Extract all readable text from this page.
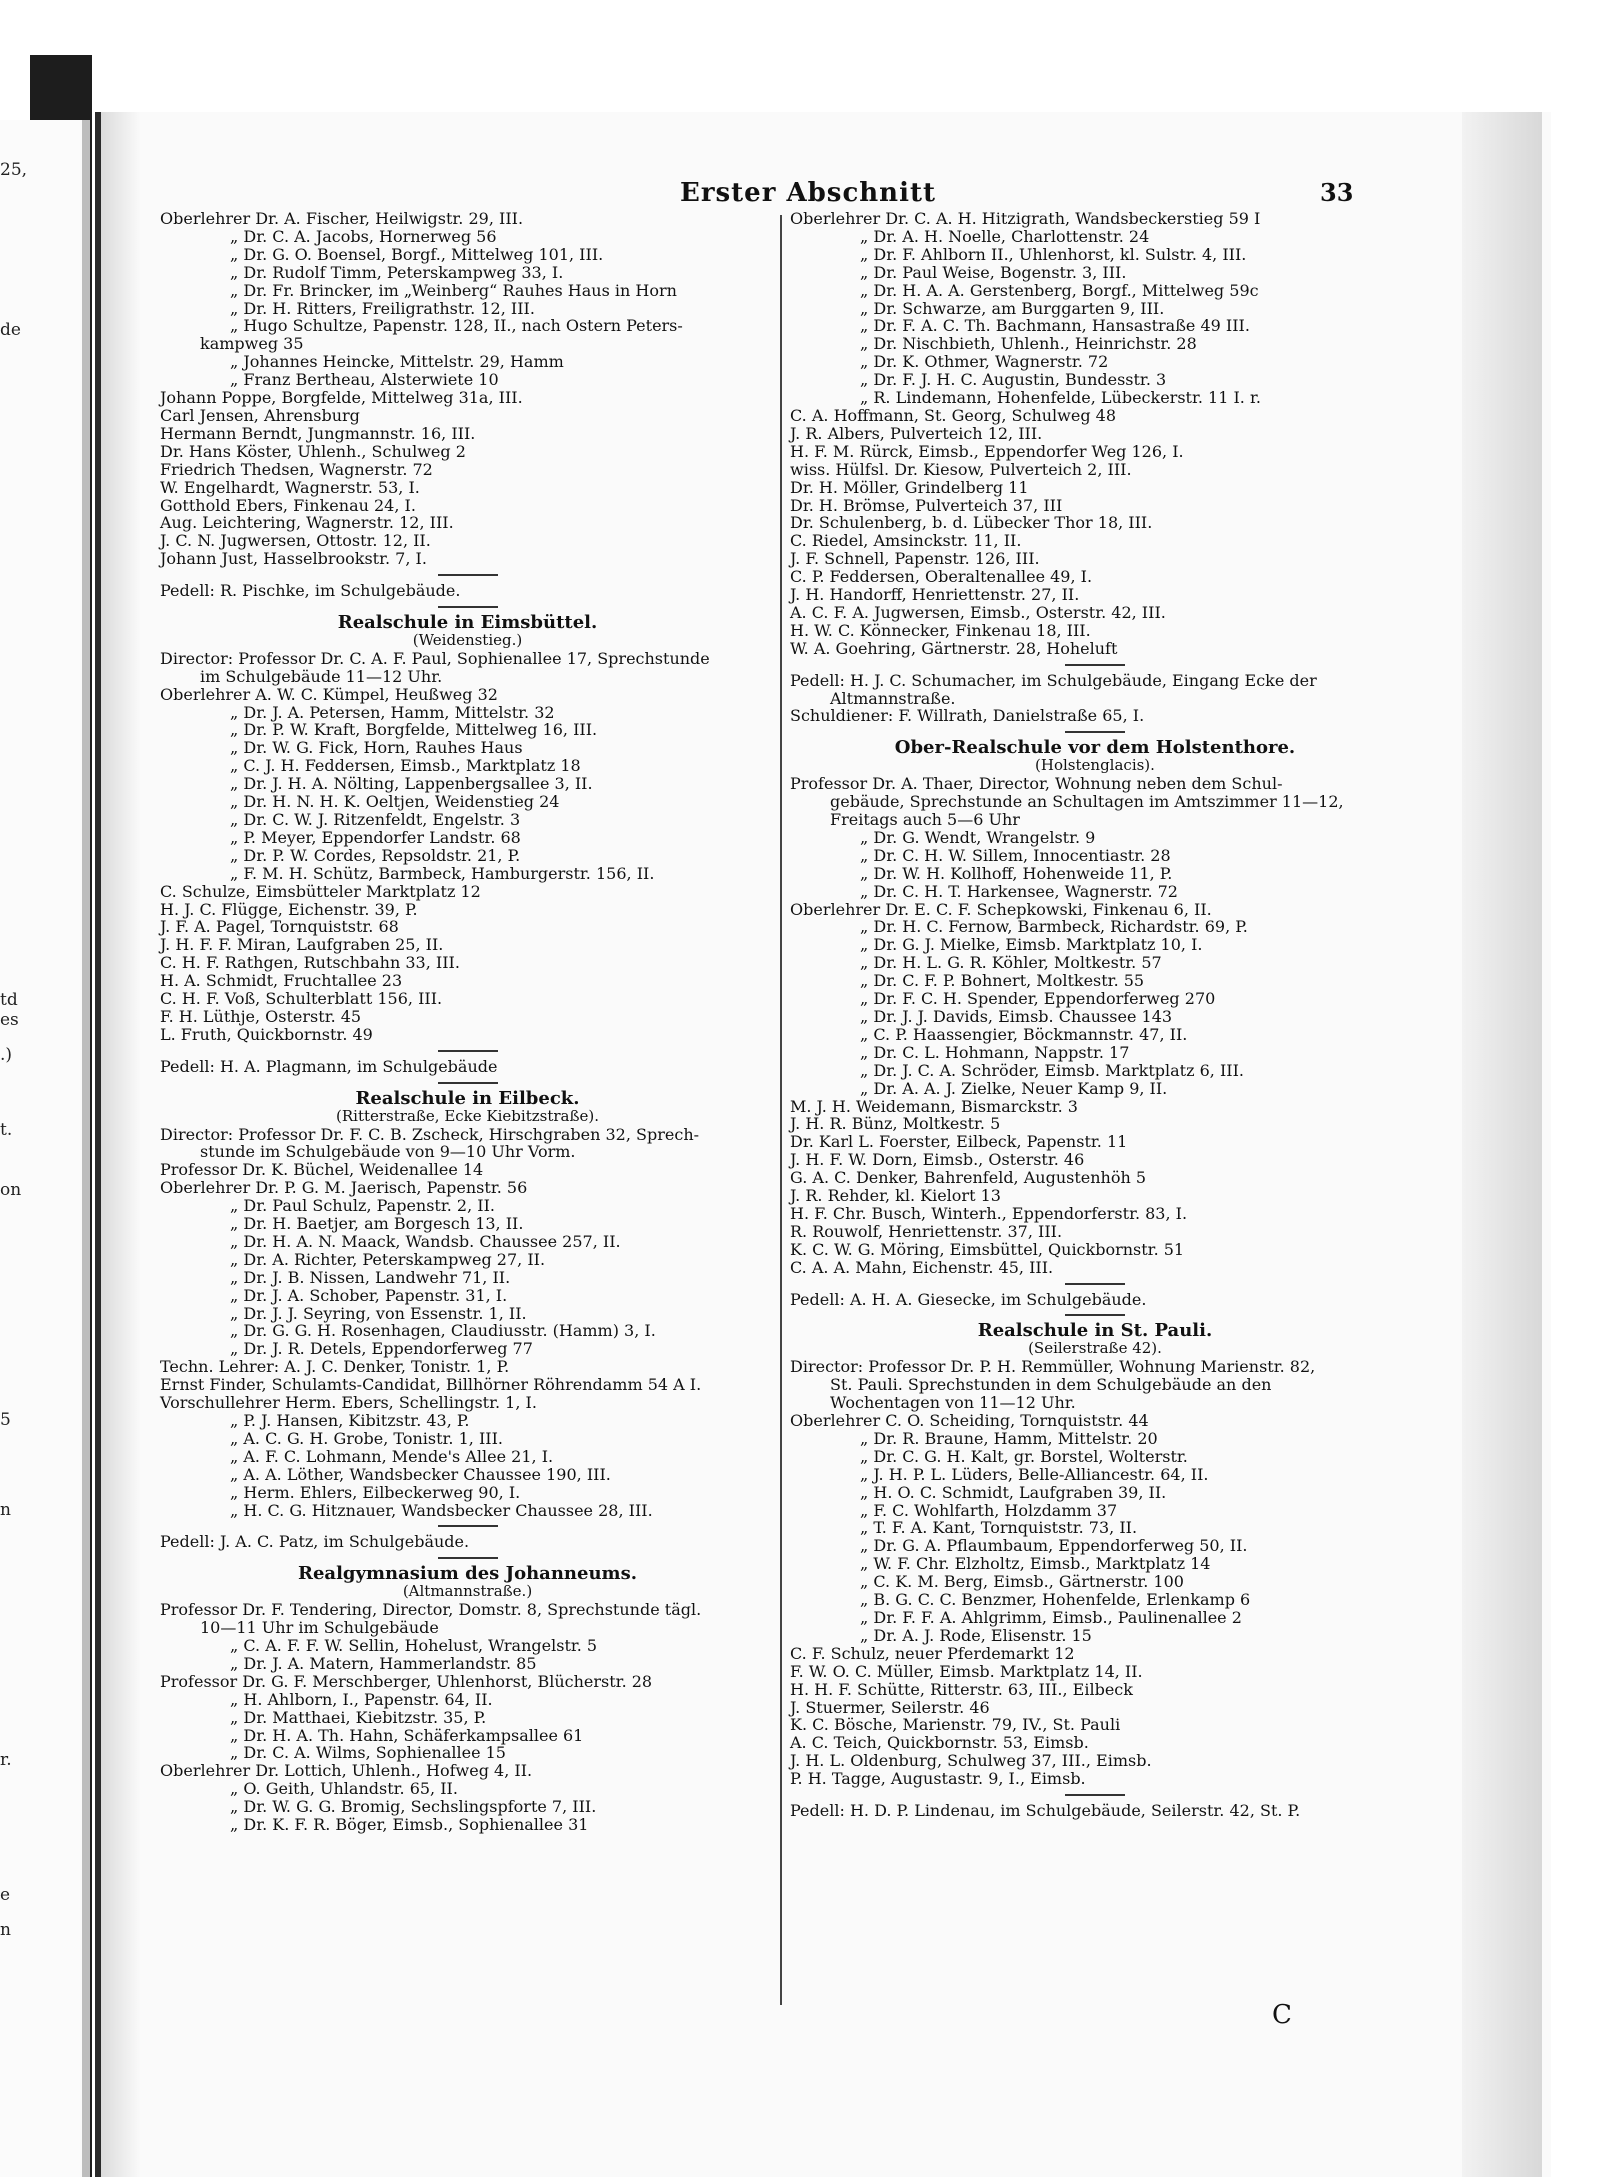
25,
de
td
es
.)
t.
on
5
n
r.
e
n
Erster Abschnitt	33
Oberlehrer Dr. A. Fischer, Heilwigstr. 29, III.
„ Dr. C. A. Jacobs, Hornerweg 56
„ Dr. G. O. Boensel, Borgf., Mittelweg 101, III.
„ Dr. Rudolf Timm, Peterskampweg 33, I.
„ Dr. Fr. Brincker, im „Weinberg“ Rauhes Haus in Horn
„ Dr. H. Ritters, Freiligrathstr. 12, III.
„ Hugo Schultze, Papenstr. 128, II., nach Ostern Peters-
kampweg 35
„ Johannes Heincke, Mittelstr. 29, Hamm
„ Franz Bertheau, Alsterwiete 10
Johann Poppe, Borgfelde, Mittelweg 31a, III.
Carl Jensen, Ahrensburg
Hermann Berndt, Jungmannstr. 16, III.
Dr. Hans Köster, Uhlenh., Schulweg 2
Friedrich Thedsen, Wagnerstr. 72
W. Engelhardt, Wagnerstr. 53, I.
Gotthold Ebers, Finkenau 24, I.
Aug. Leichtering, Wagnerstr. 12, III.
J. C. N. Jugwersen, Ottostr. 12, II.
Johann Just, Hasselbrookstr. 7, I.
Pedell: R. Pischke, im Schulgebäude.
Realschule in Eimsbüttel.
(Weidenstieg.)
Director: Professor Dr. C. A. F. Paul, Sophienallee 17, Sprechstunde
im Schulgebäude 11—12 Uhr.
Oberlehrer A. W. C. Kümpel, Heußweg 32
„ Dr. J. A. Petersen, Hamm, Mittelstr. 32
„ Dr. P. W. Kraft, Borgfelde, Mittelweg 16, III.
„ Dr. W. G. Fick, Horn, Rauhes Haus
„ C. J. H. Feddersen, Eimsb., Marktplatz 18
„ Dr. J. H. A. Nölting, Lappenbergsallee 3, II.
„ Dr. H. N. H. K. Oeltjen, Weidenstieg 24
„ Dr. C. W. J. Ritzenfeldt, Engelstr. 3
„ P. Meyer, Eppendorfer Landstr. 68
„ Dr. P. W. Cordes, Repsoldstr. 21, P.
„ F. M. H. Schütz, Barmbeck, Hamburgerstr. 156, II.
C. Schulze, Eimsbütteler Marktplatz 12
H. J. C. Flügge, Eichenstr. 39, P.
J. F. A. Pagel, Tornquiststr. 68
J. H. F. F. Miran, Laufgraben 25, II.
C. H. F. Rathgen, Rutschbahn 33, III.
H. A. Schmidt, Fruchtallee 23
C. H. F. Voß, Schulterblatt 156, III.
F. H. Lüthje, Osterstr. 45
L. Fruth, Quickbornstr. 49
Pedell: H. A. Plagmann, im Schulgebäude
Realschule in Eilbeck.
(Ritterstraße, Ecke Kiebitzstraße).
Director: Professor Dr. F. C. B. Zscheck, Hirschgraben 32, Sprech-
stunde im Schulgebäude von 9—10 Uhr Vorm.
Professor Dr. K. Büchel, Weidenallee 14
Oberlehrer Dr. P. G. M. Jaerisch, Papenstr. 56
„ Dr. Paul Schulz, Papenstr. 2, II.
„ Dr. H. Baetjer, am Borgesch 13, II.
„ Dr. H. A. N. Maack, Wandsb. Chaussee 257, II.
„ Dr. A. Richter, Peterskampweg 27, II.
„ Dr. J. B. Nissen, Landwehr 71, II.
„ Dr. J. A. Schober, Papenstr. 31, I.
„ Dr. J. J. Seyring, von Essenstr. 1, II.
„ Dr. G. G. H. Rosenhagen, Claudiusstr. (Hamm) 3, I.
„ Dr. J. R. Detels, Eppendorferweg 77
Techn. Lehrer: A. J. C. Denker, Tonistr. 1, P.
Ernst Finder, Schulamts-Candidat, Billhörner Röhrendamm 54 A I.
Vorschullehrer Herm. Ebers, Schellingstr. 1, I.
„ P. J. Hansen, Kibitzstr. 43, P.
„ A. C. G. H. Grobe, Tonistr. 1, III.
„ A. F. C. Lohmann, Mende's Allee 21, I.
„ A. A. Löther, Wandsbecker Chaussee 190, III.
„ Herm. Ehlers, Eilbeckerweg 90, I.
„ H. C. G. Hitznauer, Wandsbecker Chaussee 28, III.
Pedell: J. A. C. Patz, im Schulgebäude.
Realgymnasium des Johanneums.
(Altmannstraße.)
Professor Dr. F. Tendering, Director, Domstr. 8, Sprechstunde tägl.
10—11 Uhr im Schulgebäude
„ C. A. F. F. W. Sellin, Hohelust, Wrangelstr. 5
„ Dr. J. A. Matern, Hammerlandstr. 85
Professor Dr. G. F. Merschberger, Uhlenhorst, Blücherstr. 28
„ H. Ahlborn, I., Papenstr. 64, II.
„ Dr. Matthaei, Kiebitzstr. 35, P.
„ Dr. H. A. Th. Hahn, Schäferkampsallee 61
„ Dr. C. A. Wilms, Sophienallee 15
Oberlehrer Dr. Lottich, Uhlenh., Hofweg 4, II.
„ O. Geith, Uhlandstr. 65, II.
„ Dr. W. G. G. Bromig, Sechslingspforte 7, III.
„ Dr. K. F. R. Böger, Eimsb., Sophienallee 31
Oberlehrer Dr. C. A. H. Hitzigrath, Wandsbeckerstieg 59 I
„ Dr. A. H. Noelle, Charlottenstr. 24
„ Dr. F. Ahlborn II., Uhlenhorst, kl. Sulstr. 4, III.
„ Dr. Paul Weise, Bogenstr. 3, III.
„ Dr. H. A. A. Gerstenberg, Borgf., Mittelweg 59c
„ Dr. Schwarze, am Burggarten 9, III.
„ Dr. F. A. C. Th. Bachmann, Hansastraße 49 III.
„ Dr. Nischbieth, Uhlenh., Heinrichstr. 28
„ Dr. K. Othmer, Wagnerstr. 72
„ Dr. F. J. H. C. Augustin, Bundesstr. 3
„ R. Lindemann, Hohenfelde, Lübeckerstr. 11 I. r.
C. A. Hoffmann, St. Georg, Schulweg 48
J. R. Albers, Pulverteich 12, III.
H. F. M. Rürck, Eimsb., Eppendorfer Weg 126, I.
wiss. Hülfsl. Dr. Kiesow, Pulverteich 2, III.
Dr. H. Möller, Grindelberg 11
Dr. H. Brömse, Pulverteich 37, III
Dr. Schulenberg, b. d. Lübecker Thor 18, III.
C. Riedel, Amsinckstr. 11, II.
J. F. Schnell, Papenstr. 126, III.
C. P. Feddersen, Oberaltenallee 49, I.
J. H. Handorff, Henriettenstr. 27, II.
A. C. F. A. Jugwersen, Eimsb., Osterstr. 42, III.
H. W. C. Könnecker, Finkenau 18, III.
W. A. Goehring, Gärtnerstr. 28, Hoheluft
Pedell: H. J. C. Schumacher, im Schulgebäude, Eingang Ecke der
Altmannstraße.
Schuldiener: F. Willrath, Danielstraße 65, I.
Ober-Realschule vor dem Holstenthore.
(Holstenglacis).
Professor Dr. A. Thaer, Director, Wohnung neben dem Schul-
gebäude, Sprechstunde an Schultagen im Amtszimmer 11—12,
Freitags auch 5—6 Uhr
„ Dr. G. Wendt, Wrangelstr. 9
„ Dr. C. H. W. Sillem, Innocentiastr. 28
„ Dr. W. H. Kollhoff, Hohenweide 11, P.
„ Dr. C. H. T. Harkensee, Wagnerstr. 72
Oberlehrer Dr. E. C. F. Schepkowski, Finkenau 6, II.
„ Dr. H. C. Fernow, Barmbeck, Richardstr. 69, P.
„ Dr. G. J. Mielke, Eimsb. Marktplatz 10, I.
„ Dr. H. L. G. R. Köhler, Moltkestr. 57
„ Dr. C. F. P. Bohnert, Moltkestr. 55
„ Dr. F. C. H. Spender, Eppendorferweg 270
„ Dr. J. J. Davids, Eimsb. Chaussee 143
„ C. P. Haassengier, Böckmannstr. 47, II.
„ Dr. C. L. Hohmann, Nappstr. 17
„ Dr. J. C. A. Schröder, Eimsb. Marktplatz 6, III.
„ Dr. A. A. J. Zielke, Neuer Kamp 9, II.
M. J. H. Weidemann, Bismarckstr. 3
J. H. R. Bünz, Moltkestr. 5
Dr. Karl L. Foerster, Eilbeck, Papenstr. 11
J. H. F. W. Dorn, Eimsb., Osterstr. 46
G. A. C. Denker, Bahrenfeld, Augustenhöh 5
J. R. Rehder, kl. Kielort 13
H. F. Chr. Busch, Winterh., Eppendorferstr. 83, I.
R. Rouwolf, Henriettenstr. 37, III.
K. C. W. G. Möring, Eimsbüttel, Quickbornstr. 51
C. A. A. Mahn, Eichenstr. 45, III.
Pedell: A. H. A. Giesecke, im Schulgebäude.
Realschule in St. Pauli.
(Seilerstraße 42).
Director: Professor Dr. P. H. Remmüller, Wohnung Marienstr. 82,
St. Pauli. Sprechstunden in dem Schulgebäude an den
Wochentagen von 11—12 Uhr.
Oberlehrer C. O. Scheiding, Tornquiststr. 44
„ Dr. R. Braune, Hamm, Mittelstr. 20
„ Dr. C. G. H. Kalt, gr. Borstel, Wolterstr.
„ J. H. P. L. Lüders, Belle-Alliancestr. 64, II.
„ H. O. C. Schmidt, Laufgraben 39, II.
„ F. C. Wohlfarth, Holzdamm 37
„ T. F. A. Kant, Tornquiststr. 73, II.
„ Dr. G. A. Pflaumbaum, Eppendorferweg 50, II.
„ W. F. Chr. Elzholtz, Eimsb., Marktplatz 14
„ C. K. M. Berg, Eimsb., Gärtnerstr. 100
„ B. G. C. C. Benzmer, Hohenfelde, Erlenkamp 6
„ Dr. F. F. A. Ahlgrimm, Eimsb., Paulinenallee 2
„ Dr. A. J. Rode, Elisenstr. 15
C. F. Schulz, neuer Pferdemarkt 12
F. W. O. C. Müller, Eimsb. Marktplatz 14, II.
H. H. F. Schütte, Ritterstr. 63, III., Eilbeck
J. Stuermer, Seilerstr. 46
K. C. Bösche, Marienstr. 79, IV., St. Pauli
A. C. Teich, Quickbornstr. 53, Eimsb.
J. H. L. Oldenburg, Schulweg 37, III., Eimsb.
P. H. Tagge, Augustastr. 9, I., Eimsb.
Pedell: H. D. P. Lindenau, im Schulgebäude, Seilerstr. 42, St. P.
C
